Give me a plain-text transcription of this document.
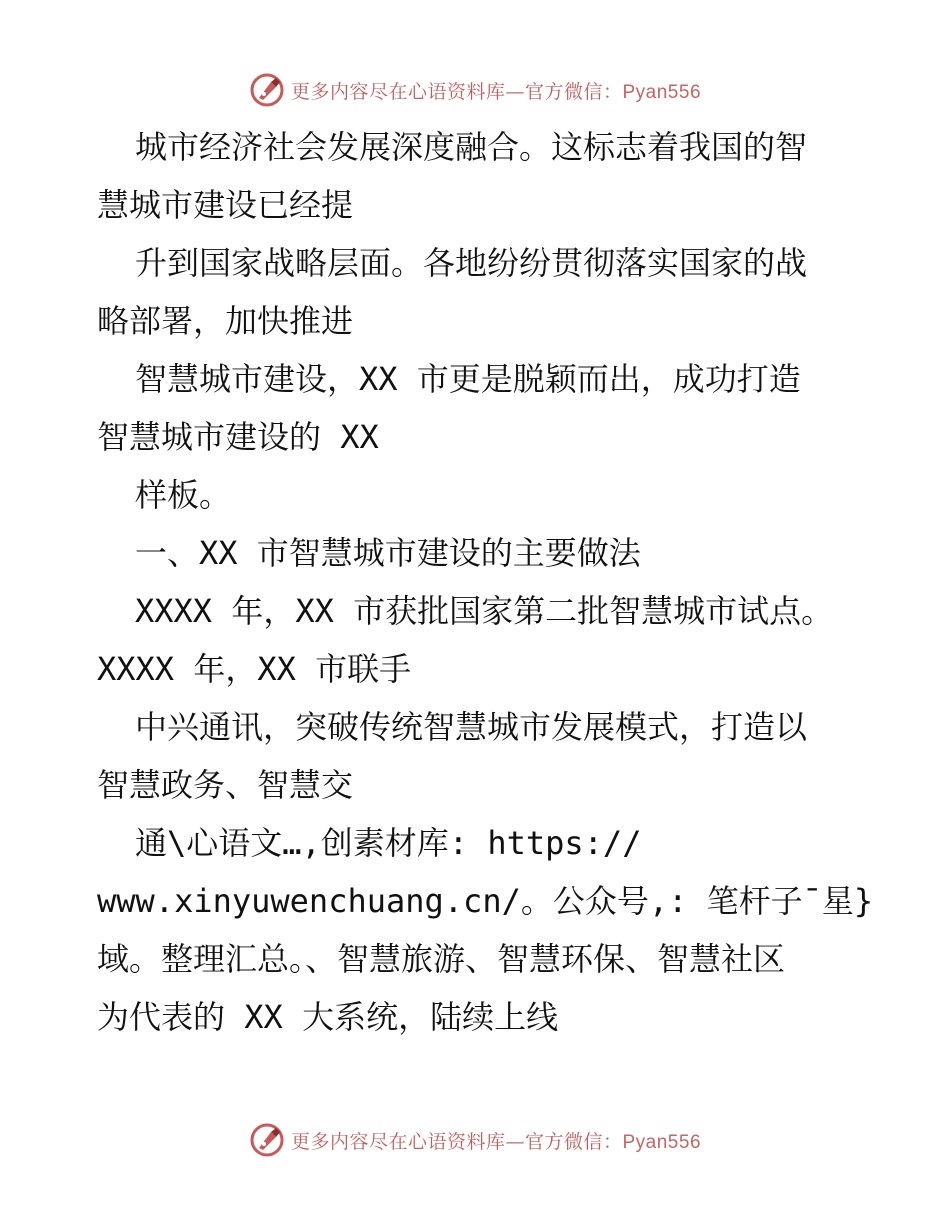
更多内容尽在心语资料库—官方微信：Pyan556
城市经济社会发展深度融合。这标志着我国的智
慧城市建设已经提
升到国家战略层面。各地纷纷贯彻落实国家的战
略部署，加快推进
智慧城市建设，XX 市更是脱颖而出，成功打造
智慧城市建设的 XX
样板。
一、XX 市智慧城市建设的主要做法
XXXX 年，XX 市获批国家第二批智慧城市试点。
XXXX 年，XX 市联手
中兴通讯，突破传统智慧城市发展模式，打造以
智慧政务、智慧交
通\心语文…,创素材库: https://
www.xinyuwenchuang.cn/。公众号,: 笔杆子¯星}
域。整理汇总。、智慧旅游、智慧环保、智慧社区
为代表的 XX 大系统，陆续上线
更多内容尽在心语资料库—官方微信：Pyan556
